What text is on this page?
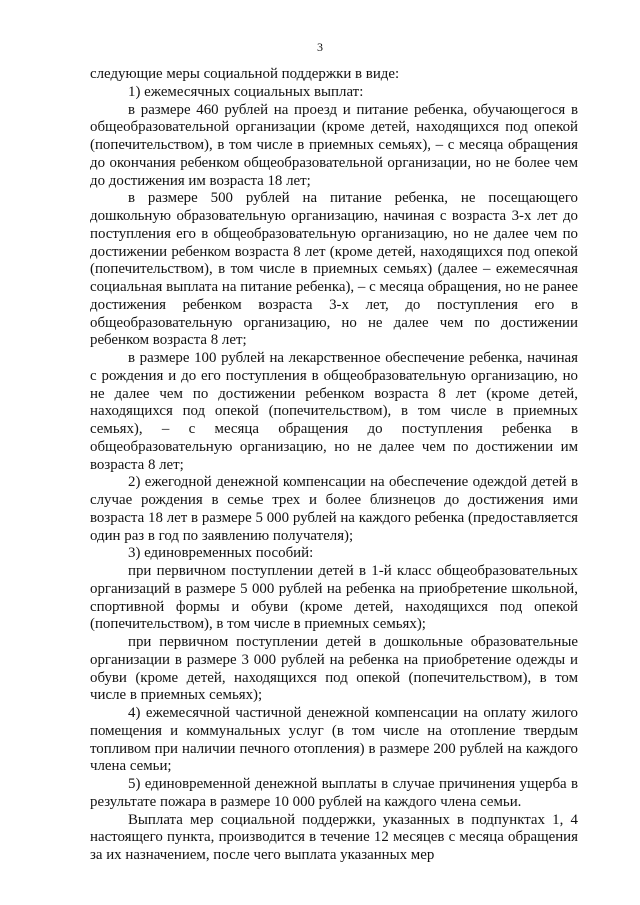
3

следующие меры социальной поддержки в виде:

1) ежемесячных социальных выплат:

в размере 460 рублей на проезд и питание ребенка, обучающегося в общеобразовательной организации (кроме детей, находящихся под опекой (попечительством), в том числе в приемных семьях), – с месяца обращения до окончания ребенком общеобразовательной организации, но не более чем до достижения им возраста 18 лет;

в размере 500 рублей на питание ребенка, не посещающего дошкольную образовательную организацию, начиная с возраста 3-х лет до поступления его в общеобразовательную организацию, но не далее чем по достижении ребенком возраста 8 лет (кроме детей, находящихся под опекой (попечительством), в том числе в приемных семьях) (далее – ежемесячная социальная выплата на питание ребенка), – с месяца обращения, но не ранее достижения ребенком возраста 3-х лет, до поступления его в общеобразовательную организацию, но не далее чем по достижении ребенком возраста 8 лет;

в размере 100 рублей на лекарственное обеспечение ребенка, начиная с рождения и до его поступления в общеобразовательную организацию, но не далее чем по достижении ребенком возраста 8 лет (кроме детей, находящихся под опекой (попечительством), в том числе в приемных семьях), – с месяца обращения до поступления ребенка в общеобразовательную организацию, но не далее чем по достижении им возраста 8 лет;

2) ежегодной денежной компенсации на обеспечение одеждой детей в случае рождения в семье трех и более близнецов до достижения ими возраста 18 лет в размере 5 000 рублей на каждого ребенка (предоставляется один раз в год по заявлению получателя);

3) единовременных пособий:

при первичном поступлении детей в 1-й класс общеобразовательных организаций в размере 5 000 рублей на ребенка на приобретение школьной, спортивной формы и обуви (кроме детей, находящихся под опекой (попечительством), в том числе в приемных семьях);

при первичном поступлении детей в дошкольные образовательные организации в размере 3 000 рублей на ребенка на приобретение одежды и обуви (кроме детей, находящихся под опекой (попечительством), в том числе в приемных семьях);

4) ежемесячной частичной денежной компенсации на оплату жилого помещения и коммунальных услуг (в том числе на отопление твердым топливом при наличии печного отопления) в размере 200 рублей на каждого члена семьи;

5) единовременной денежной выплаты в случае причинения ущерба в результате пожара в размере 10 000 рублей на каждого члена семьи.

Выплата мер социальной поддержки, указанных в подпунктах 1, 4 настоящего пункта, производится в течение 12 месяцев с месяца обращения за их назначением, после чего выплата указанных мер
